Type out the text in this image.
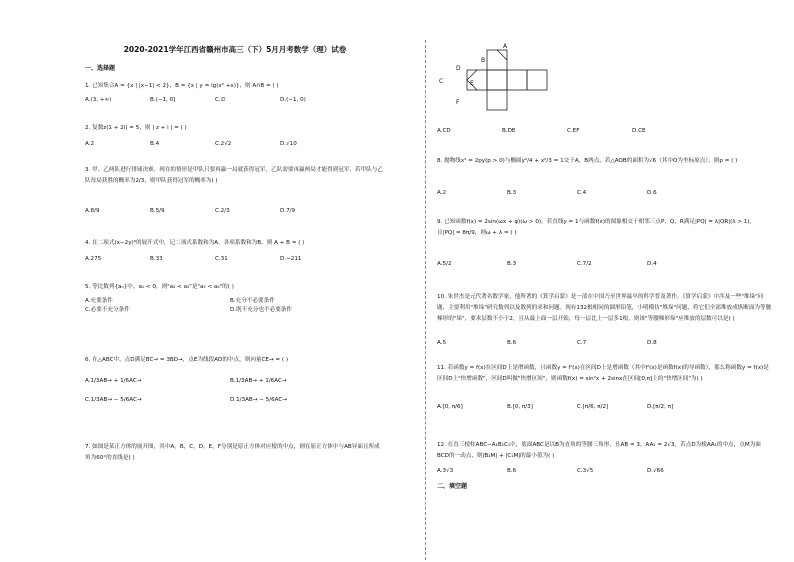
2020-2021学年江西省赣州市高三（下）5月月考数学（理）试卷
一、选择题
1. 已知集合A = {x | |x−1| < 2}，B = {x | y = lg(x² +x)}，则 A∩B = ( )
A.(3, +∞)	B.(−1, 0]	C.∅	D.(−1, 0)
2. 复数z(1 + 2i) = 5，则 | z + i | = ( )
A.2	B.4	C.2√2	D.√10
3. 甲、乙两队进行排球决赛，现在的情形是甲队只要再赢一局就获得冠军，乙队需要再赢两局才能得到冠军，若甲队与乙队每局获胜的概率为2/3，则甲队获得冠军的概率为( )
A.8/9	B.5/9	C.2/3	D.7/9
4. 在二项式(x−2y)⁶的展开式中，记二项式系数和为A，各项系数和为B，则 A + B = ( )
A.275	B.33	C.31	D.−211
5. 等比数列{aₙ}中，a₁ < 0，则"a₂ < a₃"是"a₅ < a₆"的( )
A.充要条件	B.充分不必要条件
C.必要不充分条件	D.既不充分也不必要条件
6. 在△ABC中，点D满足BC→ = 3BD→，点E为线段AD的中点，则向量CE→ = ( )
A.1/3AB→ + 1/6AC→	B.1/3AB→ + 1/6AC→
C.1/3AB→ − 5/6AC→	D.1/3AB→ − 5/6AC→
7. 如图是某正方体的展开图，其中A，B，C，D，E，F分别是原正方体对应棱的中点，则在原正方体中与AB异面且所成角为60°的直线是( )
A
B
C
D
E
F
A.CD	B.DE	C.EF	D.CE
8. 抛物线x² = 2py(p > 0)与椭圆y²/4 + x²/3 = 1交于A，B两点，若△AOB的面积为√6（其中O为坐标原点），则p = ( )
A.2	B.3	C.4	D.6
9. 已知函数f(x) = 2sin(ωx + φ)(ω > 0)，若直线y = 1与函数f(x)的图象相交于相邻三点P，Q，R满足|PQ| = λ|QR|(λ > 1)，且|PQ| = 8π/9，则ω + λ = ( )
A.5/2	B.3	C.7/2	D.4
10. 朱世杰是元代著名数学家，他所著的《算学启蒙》是一部在中国乃至世界最早的科学普及著作，《算学启蒙》中涉及一些"堆垛"问题，主要利用"堆垛"研究数列以及数列的求和问题。现有132根相同的圆形铅笔，小明模仿"堆垛"问题，将它们全部堆放成纵断面为等腰梯形的"垛"，要求层数不小于2，且从最上面一层开始，每一层比上一层多1根，则该"等腰梯形垛"应堆放的层数可以是( )
A.5	B.6	C.7	D.8
11. 若函数y = f(x)在区间D上是增函数，且函数y = f'(x)在区间D上是增函数（其中f'(x)是函数f(x)的导函数），那么称函数y = f(x)是区间D上"快增函数"，区间D叫做"快增区间"，则函数f(x) = sin²x + 2sinx在区间[0,π]上的"快增区间"为( )
A.[0, π/6]	B.[0, π/3]	C.[π/6, π/2]	D.[π/2, π]
12. 在直三棱柱ABC−A₁B₁C₁中，底面ABC是以B为直角的等腰三角形，且AB = 3，AA₁ = 2√3，若点D为棱AA₁的中点，点M为面BCD的一动点，则|B₁M| + |C₁M|的最小值为( )
A.3√3	B.6	C.3√5	D.√66
二、填空题
